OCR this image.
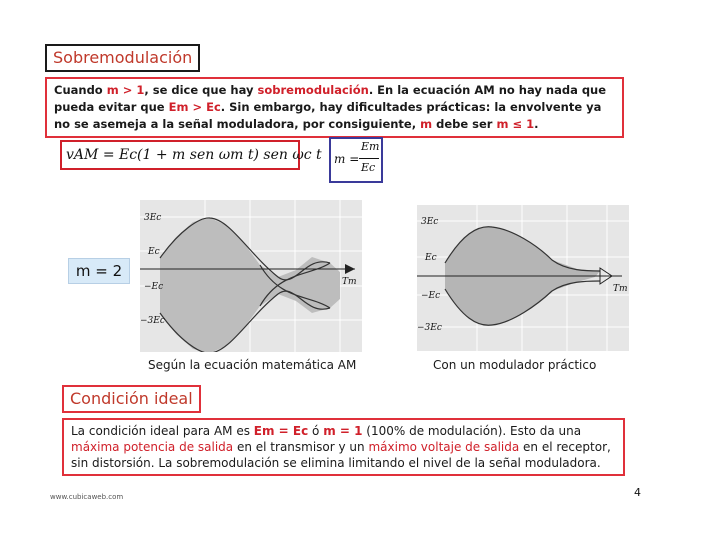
Sobremodulación
Cuando m > 1, se dice que hay sobremodulación. En la ecuación AM no hay nada que pueda evitar que Em > Ec. Sin embargo, hay dificultades prácticas: la envolvente ya no se asemeja a la señal moduladora, por consiguiente, m debe ser m ≤ 1.
vAM = Ec(1 + m sen ωm t) sen ωc t m =
Em
Ec
m = 2
3Ec
Ec
−Ec
−3Ec
Tm
3Ec
Ec
−Ec
−3Ec
Tm
Según la ecuación matemática AM	Con un modulador práctico
Condición ideal
La condición ideal para AM es Em = Ec ó m = 1 (100% de modulación). Esto da una máxima potencia de salida en el transmisor y un máximo voltaje de salida en el receptor, sin distorsión. La sobremodulación se elimina limitando el nivel de la señal moduladora.
www.cubicaweb.com	4
